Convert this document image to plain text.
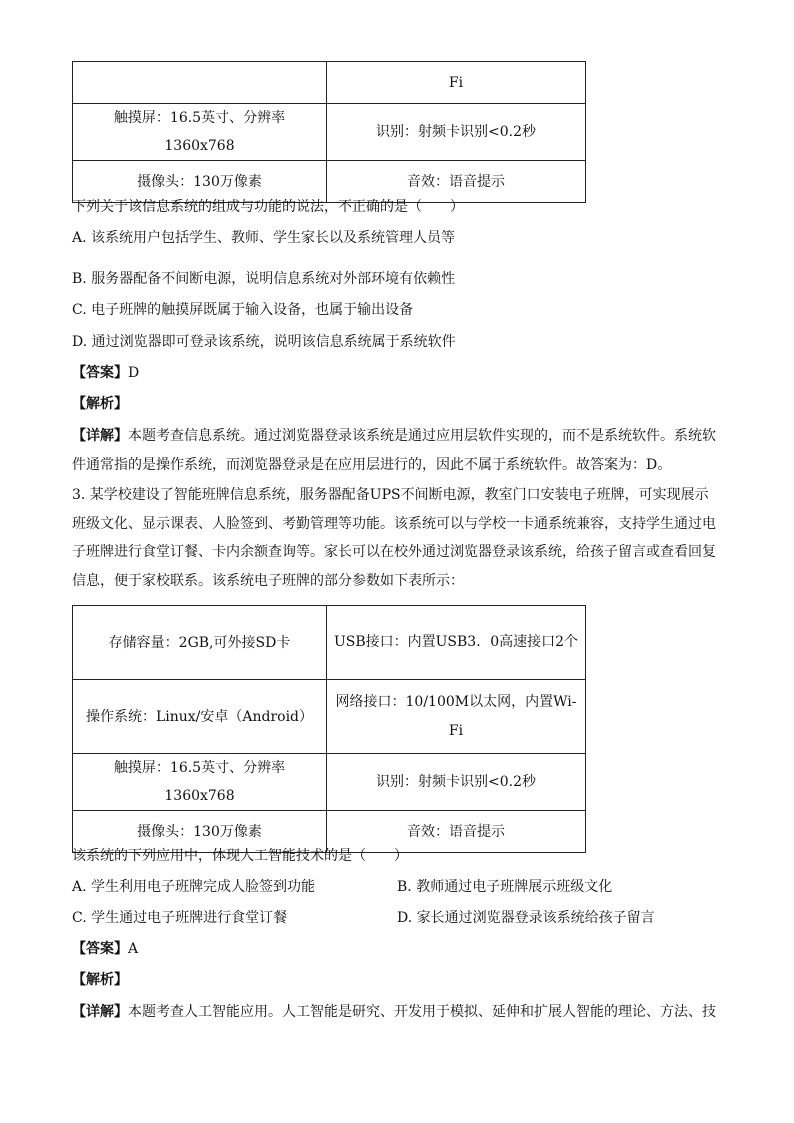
	Fi
触摸屏：16.5英寸、分辨率1360x768	识别：射频卡识别<0.2秒
摄像头：130万像素	音效：语音提示
下列关于该信息系统的组成与功能的说法，不正确的是（　　）
A. 该系统用户包括学生、教师、学生家长以及系统管理人员等
B. 服务器配备不间断电源，说明信息系统对外部环境有依赖性
C. 电子班牌的触摸屏既属于输入设备，也属于输出设备
D. 通过浏览器即可登录该系统，说明该信息系统属于系统软件
【答案】D
【解析】
【详解】本题考查信息系统。通过浏览器登录该系统是通过应用层软件实现的，而不是系统软件。系统软
件通常指的是操作系统，而浏览器登录是在应用层进行的，因此不属于系统软件。故答案为：D。
3. 某学校建设了智能班牌信息系统，服务器配备UPS不间断电源，教室门口安装电子班牌，可实现展示
班级文化、显示课表、人脸签到、考勤管理等功能。该系统可以与学校一卡通系统兼容，支持学生通过电
子班牌进行食堂订餐、卡内余额查询等。家长可以在校外通过浏览器登录该系统，给孩子留言或查看回复
信息，便于家校联系。该系统电子班牌的部分参数如下表所示：
存储容量：2GB,可外接SD卡	USB接口：内置USB3．0高速接口2个
操作系统：Linux/安卓（Android）	网络接口：10/100M以太网，内置Wi-Fi
触摸屏：16.5英寸、分辨率1360x768	识别：射频卡识别<0.2秒
摄像头：130万像素	音效：语音提示
该系统的下列应用中，体现人工智能技术的是（　　）
A. 学生利用电子班牌完成人脸签到功能	B. 教师通过电子班牌展示班级文化
C. 学生通过电子班牌进行食堂订餐	D. 家长通过浏览器登录该系统给孩子留言
【答案】A
【解析】
【详解】本题考查人工智能应用。人工智能是研究、开发用于模拟、延伸和扩展人智能的理论、方法、技
